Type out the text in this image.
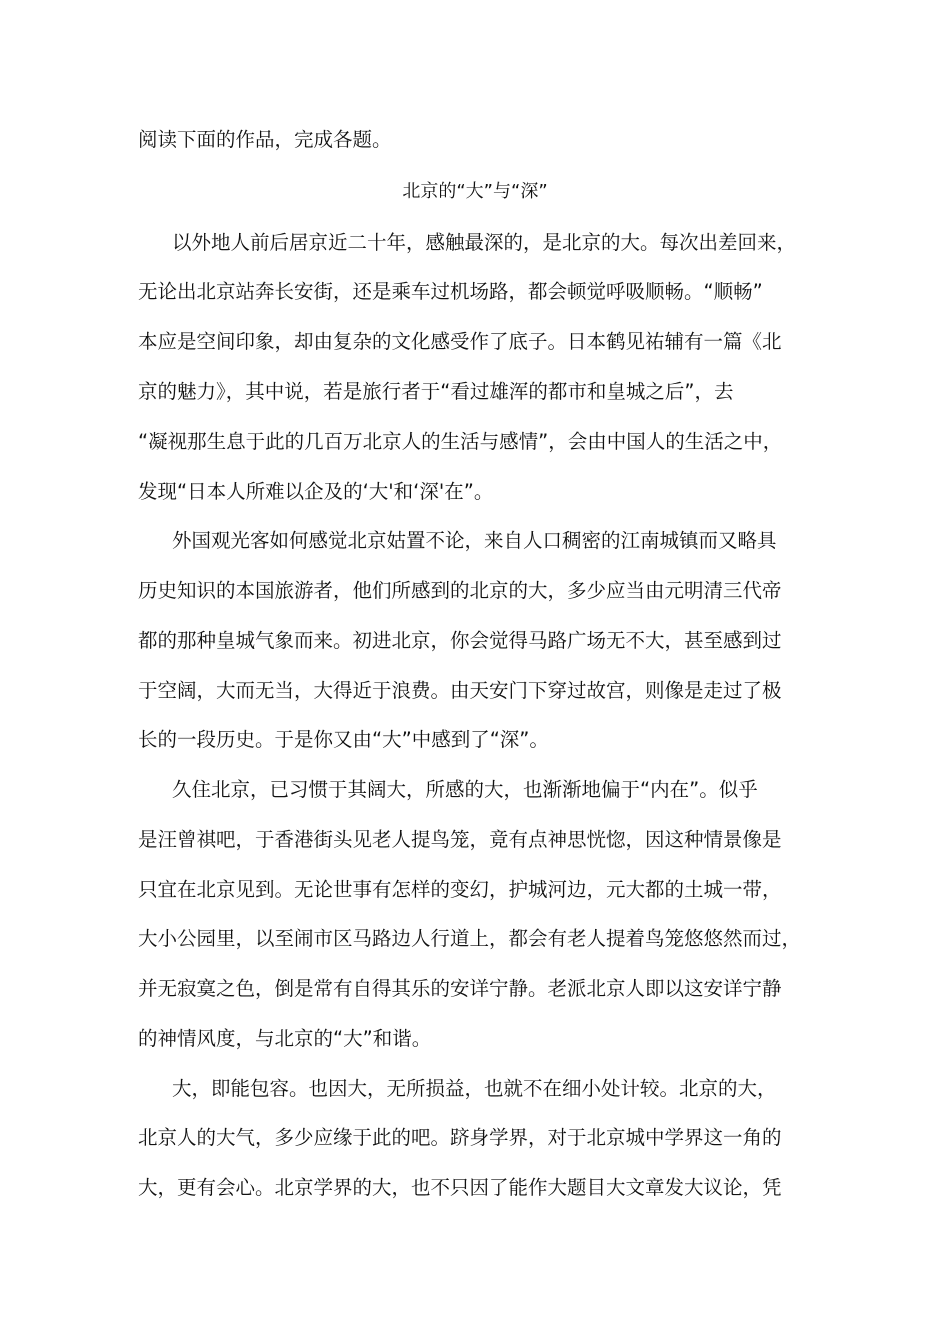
阅读下面的作品，完成各题。
北京的“大”与“深”
以外地人前后居京近二十年，感触最深的，是北京的大。每次出差回来，
无论出北京站奔长安街，还是乘车过机场路，都会顿觉呼吸顺畅。“顺畅”
本应是空间印象，却由复杂的文化感受作了底子。日本鹤见祐辅有一篇《北
京的魅力》，其中说，若是旅行者于“看过雄浑的都市和皇城之后”，去
“凝视那生息于此的几百万北京人的生活与感情”，会由中国人的生活之中，
发现“日本人所难以企及的‘大'和‘深'在”。
外国观光客如何感觉北京姑置不论，来自人口稠密的江南城镇而又略具
历史知识的本国旅游者，他们所感到的北京的大，多少应当由元明清三代帝
都的那种皇城气象而来。初进北京，你会觉得马路广场无不大，甚至感到过
于空阔，大而无当，大得近于浪费。由天安门下穿过故宫，则像是走过了极
长的一段历史。于是你又由“大”中感到了“深”。
久住北京，已习惯于其阔大，所感的大，也渐渐地偏于“内在”。似乎
是汪曾祺吧，于香港街头见老人提鸟笼，竟有点神思恍惚，因这种情景像是
只宜在北京见到。无论世事有怎样的变幻，护城河边，元大都的土城一带，
大小公园里，以至闹市区马路边人行道上，都会有老人提着鸟笼悠悠然而过，
并无寂寞之色，倒是常有自得其乐的安详宁静。老派北京人即以这安详宁静
的神情风度，与北京的“大”和谐。
大，即能包容。也因大，无所损益，也就不在细小处计较。北京的大，
北京人的大气，多少应缘于此的吧。跻身学界，对于北京城中学界这一角的
大，更有会心。北京学界的大，也不只因了能作大题目大文章发大议论，凭
